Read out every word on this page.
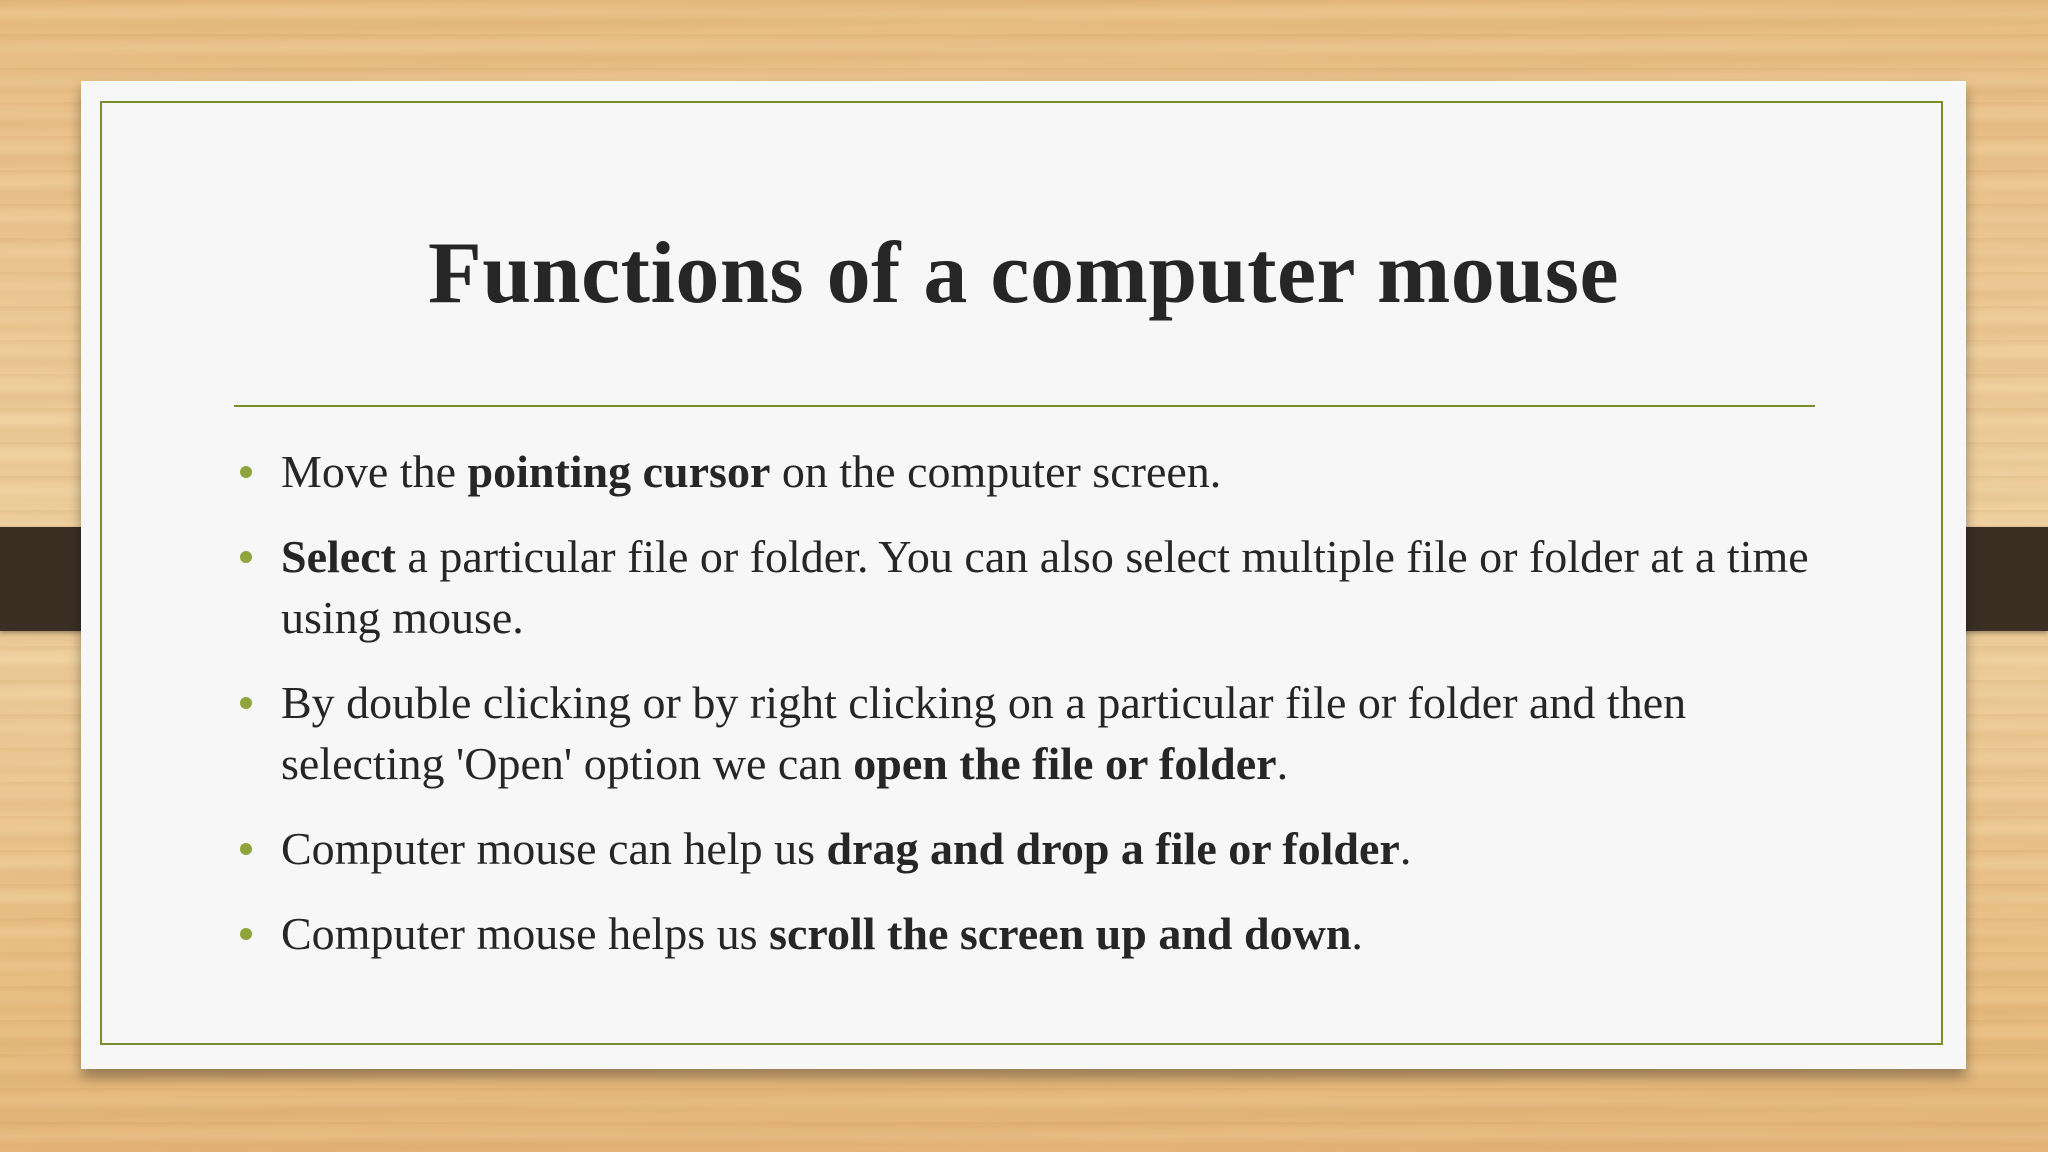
Functions of a computer mouse
Move the pointing cursor on the computer screen.
Select a particular file or folder. You can also select multiple file or folder at a time using mouse.
By double clicking or by right clicking on a particular file or folder and then selecting 'Open' option we can open the file or folder.
Computer mouse can help us drag and drop a file or folder.
Computer mouse helps us scroll the screen up and down.
